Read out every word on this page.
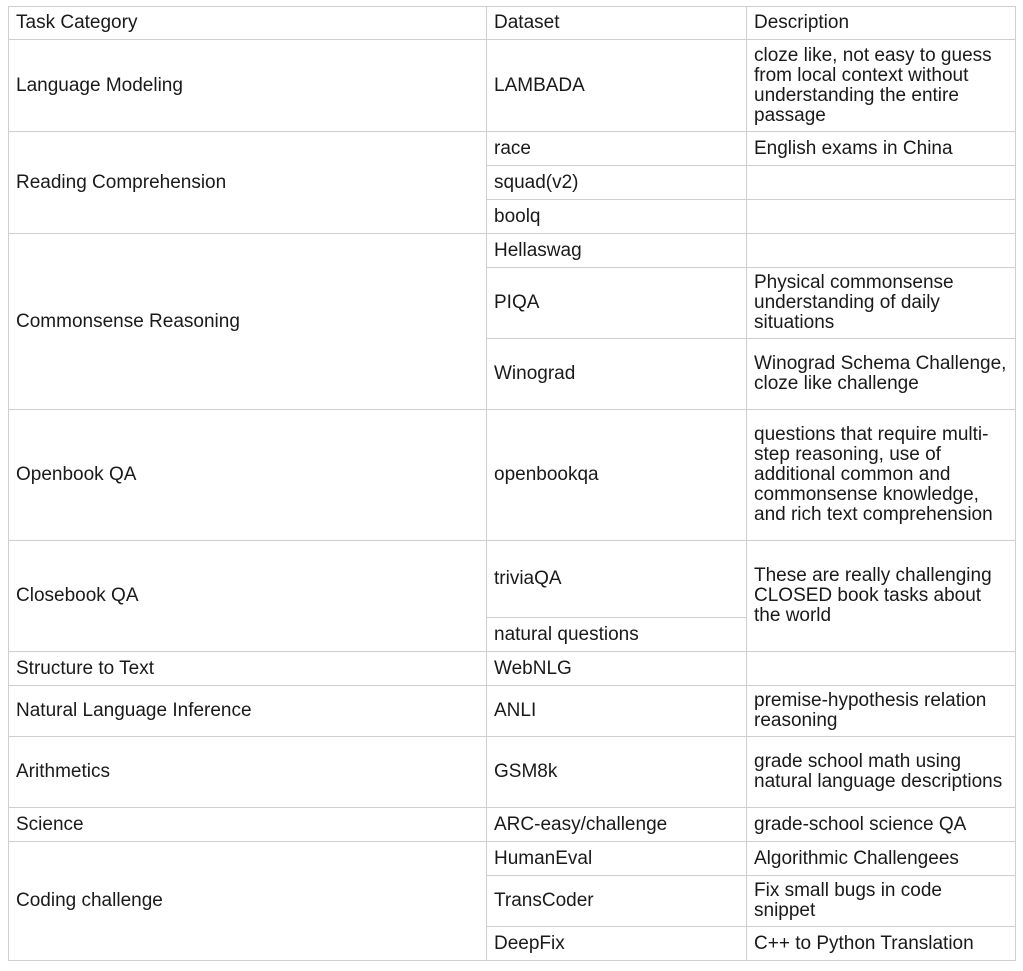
Task Category	Dataset	Description
Language Modeling	LAMBADA	cloze like, not easy to guess from local context without understanding the entire passage
Reading Comprehension	race	English exams in China
	squad(v2)	
	boolq	
Commonsense Reasoning	Hellaswag	
	PIQA	Physical commonsense understanding of daily situations
	Winograd	Winograd Schema Challenge, cloze like challenge
Openbook QA	openbookqa	questions that require multi-step reasoning, use of additional common and commonsense knowledge, and rich text comprehension
Closebook QA	triviaQA	These are really challenging CLOSED book tasks about the world
	natural questions	
Structure to Text	WebNLG	
Natural Language Inference	ANLI	premise-hypothesis relation reasoning
Arithmetics	GSM8k	grade school math using natural language descriptions
Science	ARC-easy/challenge	grade-school science QA
Coding challenge	HumanEval	Algorithmic Challengees
	TransCoder	Fix small bugs in code snippet
	DeepFix	C++ to Python Translation
